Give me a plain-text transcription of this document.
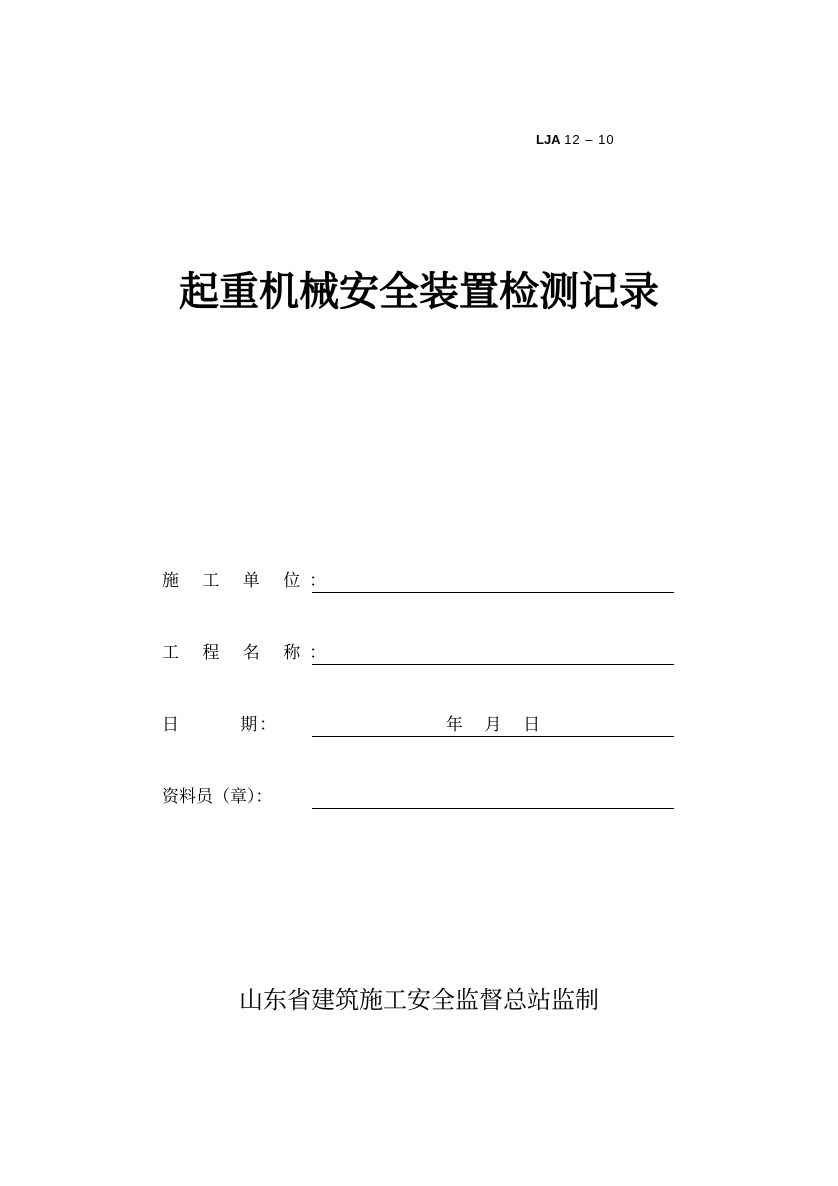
LJA 12 – 10
起重机械安全装置检测记录
施 工 单 位：
工 程 名 称：
日        期：	年    月    日
资料员（章）：
山东省建筑施工安全监督总站监制
